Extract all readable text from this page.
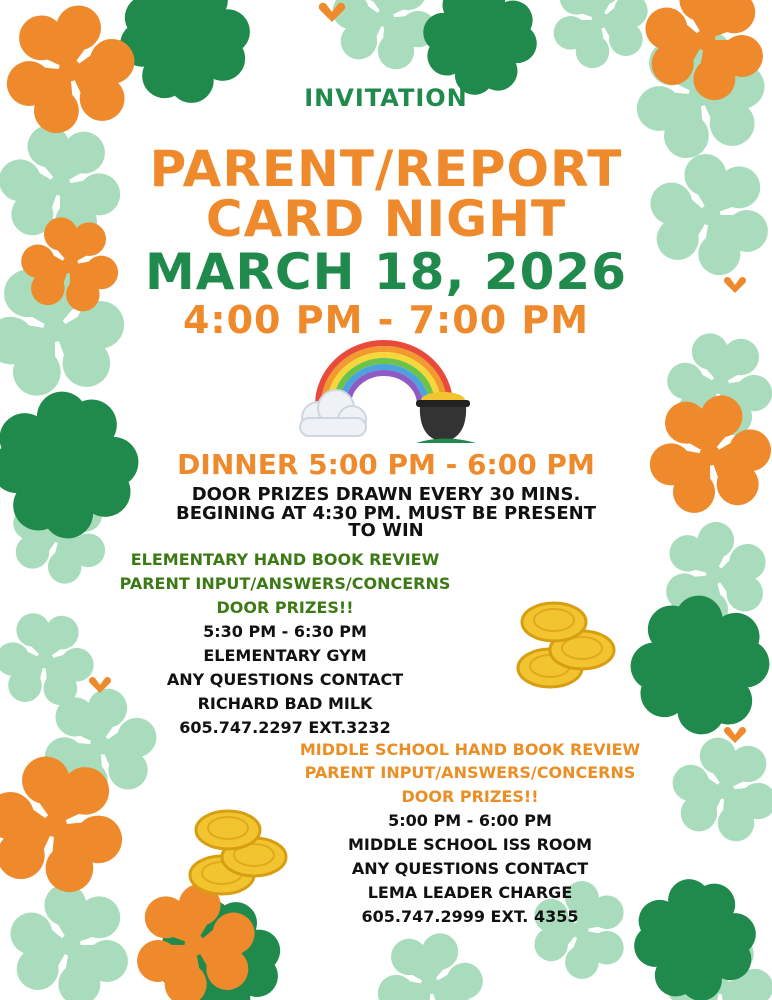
INVITATION
PARENT/REPORT
CARD NIGHT
MARCH 18, 2026
4:00 PM - 7:00 PM
DINNER 5:00 PM - 6:00 PM
DOOR PRIZES DRAWN EVERY 30 MINS.
BEGINING AT 4:30 PM. MUST BE PRESENT
TO WIN
ELEMENTARY HAND BOOK REVIEW
PARENT INPUT/ANSWERS/CONCERNS
DOOR PRIZES!!
5:30 PM - 6:30 PM
ELEMENTARY GYM
ANY QUESTIONS CONTACT
RICHARD BAD MILK
605.747.2297 EXT.3232
MIDDLE SCHOOL HAND BOOK REVIEW
PARENT INPUT/ANSWERS/CONCERNS
DOOR PRIZES!!
5:00 PM - 6:00 PM
MIDDLE SCHOOL ISS ROOM
ANY QUESTIONS CONTACT
LEMA LEADER CHARGE
605.747.2999 EXT. 4355
